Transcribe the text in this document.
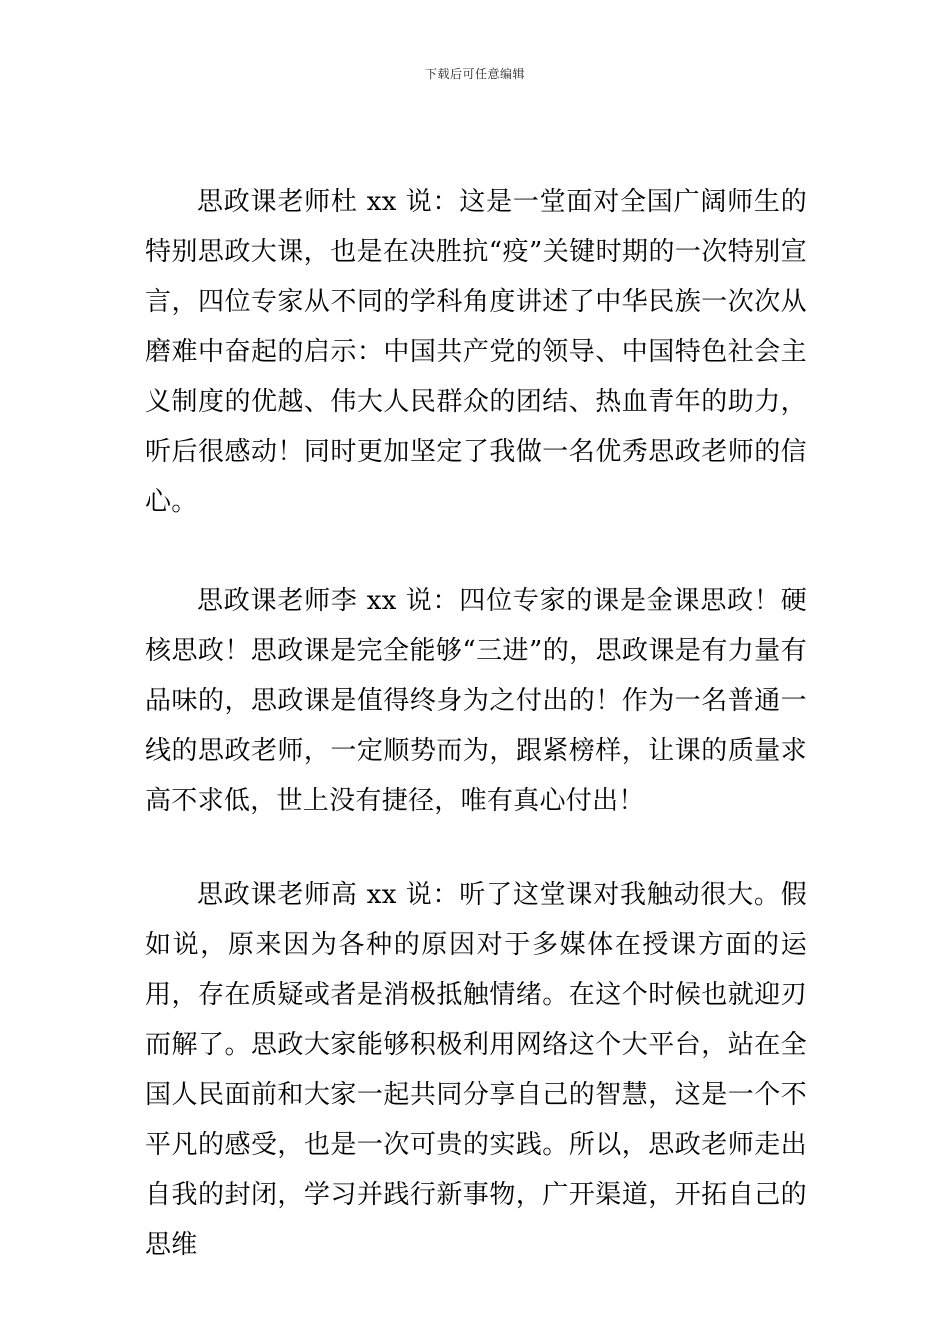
下载后可任意编辑

思政课老师杜 xx 说：这是一堂面对全国广阔师生的特别思政大课，也是在决胜抗“疫”关键时期的一次特别宣言，四位专家从不同的学科角度讲述了中华民族一次次从磨难中奋起的启示：中国共产党的领导、中国特色社会主义制度的优越、伟大人民群众的团结、热血青年的助力，听后很感动！同时更加坚定了我做一名优秀思政老师的信心。

思政课老师李 xx 说：四位专家的课是金课思政！硬核思政！思政课是完全能够“三进”的，思政课是有力量有品味的，思政课是值得终身为之付出的！作为一名普通一线的思政老师，一定顺势而为，跟紧榜样，让课的质量求高不求低，世上没有捷径，唯有真心付出！

思政课老师高 xx 说：听了这堂课对我触动很大。假如说，原来因为各种的原因对于多媒体在授课方面的运用，存在质疑或者是消极抵触情绪。在这个时候也就迎刃而解了。思政大家能够积极利用网络这个大平台，站在全国人民面前和大家一起共同分享自己的智慧，这是一个不平凡的感受，也是一次可贵的实践。所以，思政老师走出自我的封闭，学习并践行新事物，广开渠道，开拓自己的思维
